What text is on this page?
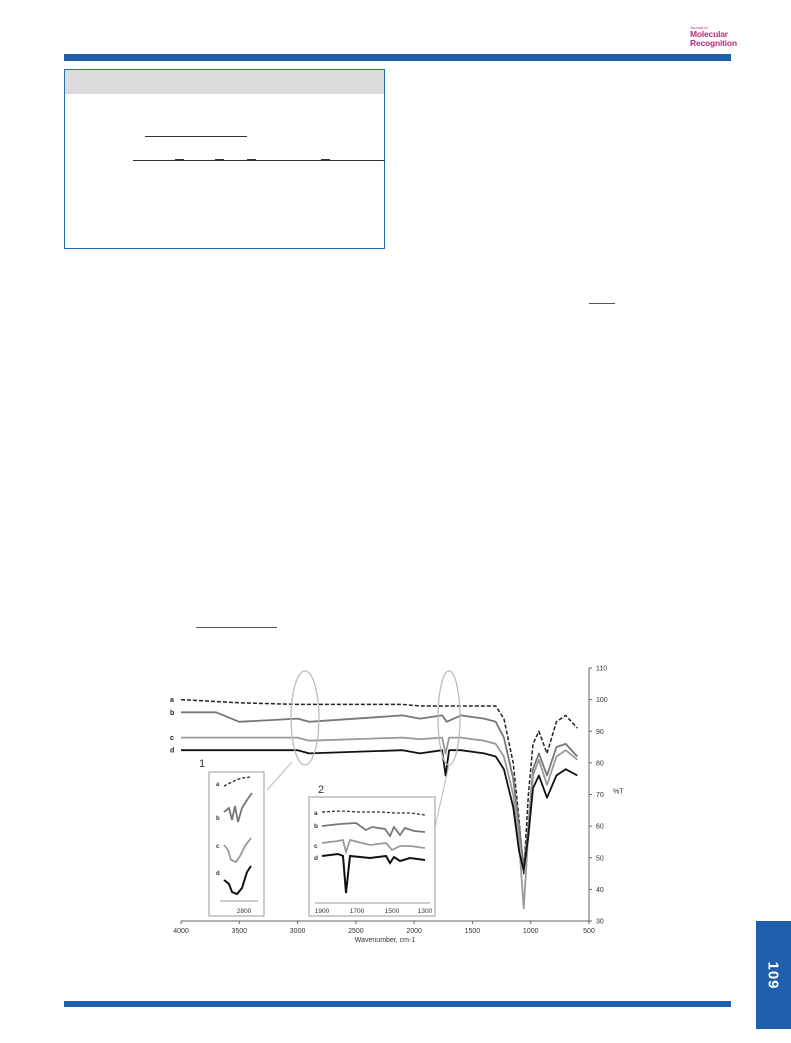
Journal of
Molecular
Recognition
4000	3500	3000	2500	2000	1500	1000	500
30
40
50
60
70
80
90
100
110
Wavenumber, cm-1
%T
a
b
c
d
1
a
b
c
d
2800
2
a
b
c
d
1900	1700	1500	1300
109
